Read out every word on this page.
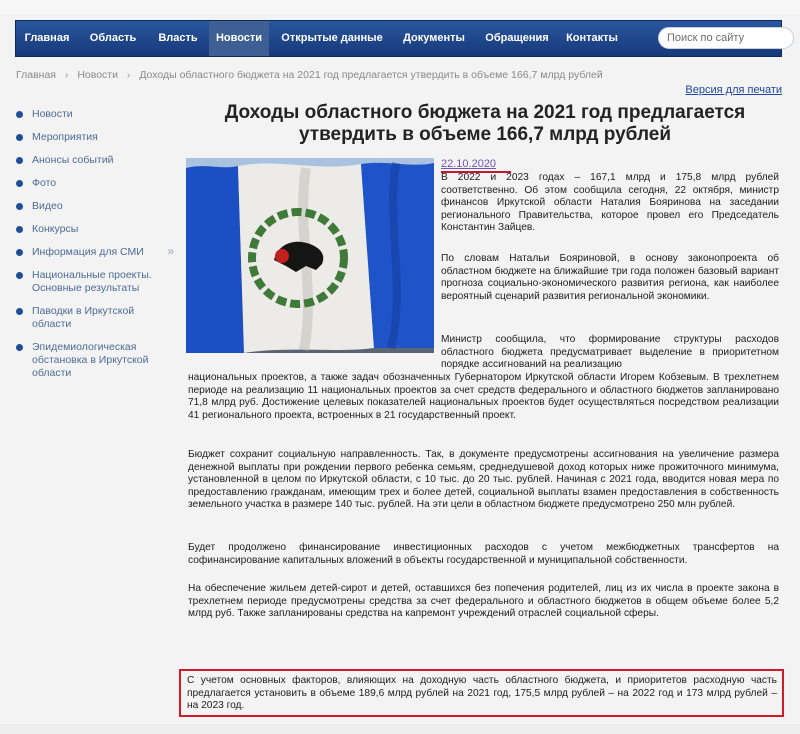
Главная	Область	Власть	Новости	Открытые данные	Документы	Обращения	Контакты
Поиск по сайту
Главная › Новости › Доходы областного бюджета на 2021 год предлагается утвердить в объеме 166,7 млрд рублей
Версия для печати
Новости
Мероприятия
Анонсы событий
Фото
Видео
Конкурсы
Информация для СМИ »
Национальные проекты. Основные результаты
Паводки в Иркутской области
Эпидемиологическая обстановка в Иркутской области
Доходы областного бюджета на 2021 год предлагается утвердить в объеме 166,7 млрд рублей
22.10.2020
В 2022 и 2023 годах – 167,1 млрд и 175,8 млрд рублей соответственно. Об этом сообщила сегодня, 22 октября, министр финансов Иркутской области Наталия Бояринова на заседании регионального Правительства, которое провел его Председатель Константин Зайцев.
По словам Натальи Бояриновой, в основу законопроекта об областном бюджете на ближайшие три года положен базовый вариант прогноза социально-экономического развития региона, как наиболее вероятный сценарий развития региональной экономики.
Министр сообщила, что формирование структуры расходов областного бюджета предусматривает выделение в приоритетном порядке ассигнований на реализацию
национальных проектов, а также задач обозначенных Губернатором Иркутской области Игорем Кобзевым. В трехлетнем периоде на реализацию 11 национальных проектов за счет средств федерального и областного бюджетов запланировано 71,8 млрд руб. Достижение целевых показателей национальных проектов будет осуществляться посредством реализации 41 регионального проекта, встроенных в 21 государственный проект.
Бюджет сохранит социальную направленность. Так, в документе предусмотрены ассигнования на увеличение размера денежной выплаты при рождении первого ребенка семьям, среднедушевой доход которых ниже прожиточного минимума, установленной в целом по Иркутской области, с 10 тыс. до 20 тыс. рублей. Начиная с 2021 года, вводится новая мера по предоставлению гражданам, имеющим трех и более детей, социальной выплаты взамен предоставления в собственность земельного участка в размере 140 тыс. рублей. На эти цели в областном бюджете предусмотрено 250 млн рублей.
Будет продолжено финансирование инвестиционных расходов с учетом межбюджетных трансфертов на софинансирование капитальных вложений в объекты государственной и муниципальной собственности.
На обеспечение жильем детей-сирот и детей, оставшихся без попечения родителей, лиц из их числа в проекте закона в трехлетнем периоде предусмотрены средства за счет федерального и областного бюджетов в общем объеме более 5,2 млрд руб. Также запланированы средства на капремонт учреждений отраслей социальной сферы.
С учетом основных факторов, влияющих на доходную часть областного бюджета, и приоритетов расходную часть предлагается установить в объеме 189,6 млрд рублей на 2021 год, 175,5 млрд рублей – на 2022 год и 173 млрд рублей – на 2023 год.
